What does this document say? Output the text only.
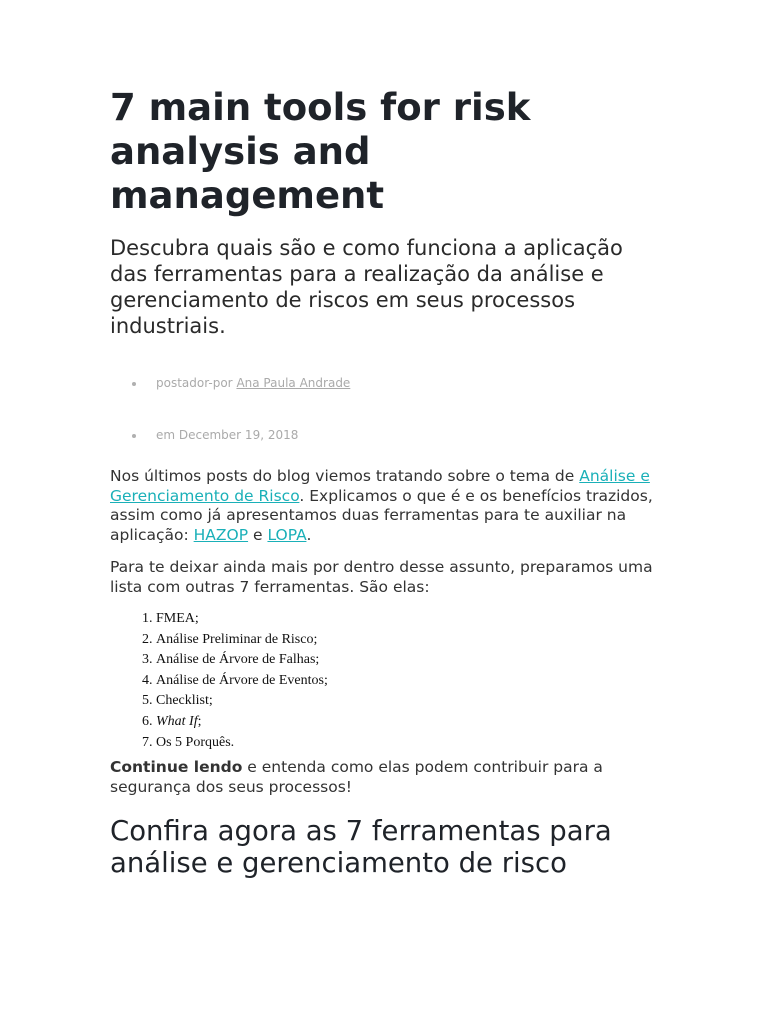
7 main tools for risk analysis and management

Descubra quais são e como funciona a aplicação das ferramentas para a realização da análise e gerenciamento de riscos em seus processos industriais.

postador-por Ana Paula Andrade
em December 19, 2018

Nos últimos posts do blog viemos tratando sobre o tema de Análise e Gerenciamento de Risco. Explicamos o que é e os benefícios trazidos, assim como já apresentamos duas ferramentas para te auxiliar na aplicação: HAZOP e LOPA.

Para te deixar ainda mais por dentro desse assunto, preparamos uma lista com outras 7 ferramentas. São elas:

1. FMEA;
2. Análise Preliminar de Risco;
3. Análise de Árvore de Falhas;
4. Análise de Árvore de Eventos;
5. Checklist;
6. What If;
7. Os 5 Porquês.

Continue lendo e entenda como elas podem contribuir para a segurança dos seus processos!

Confira agora as 7 ferramentas para análise e gerenciamento de risco
